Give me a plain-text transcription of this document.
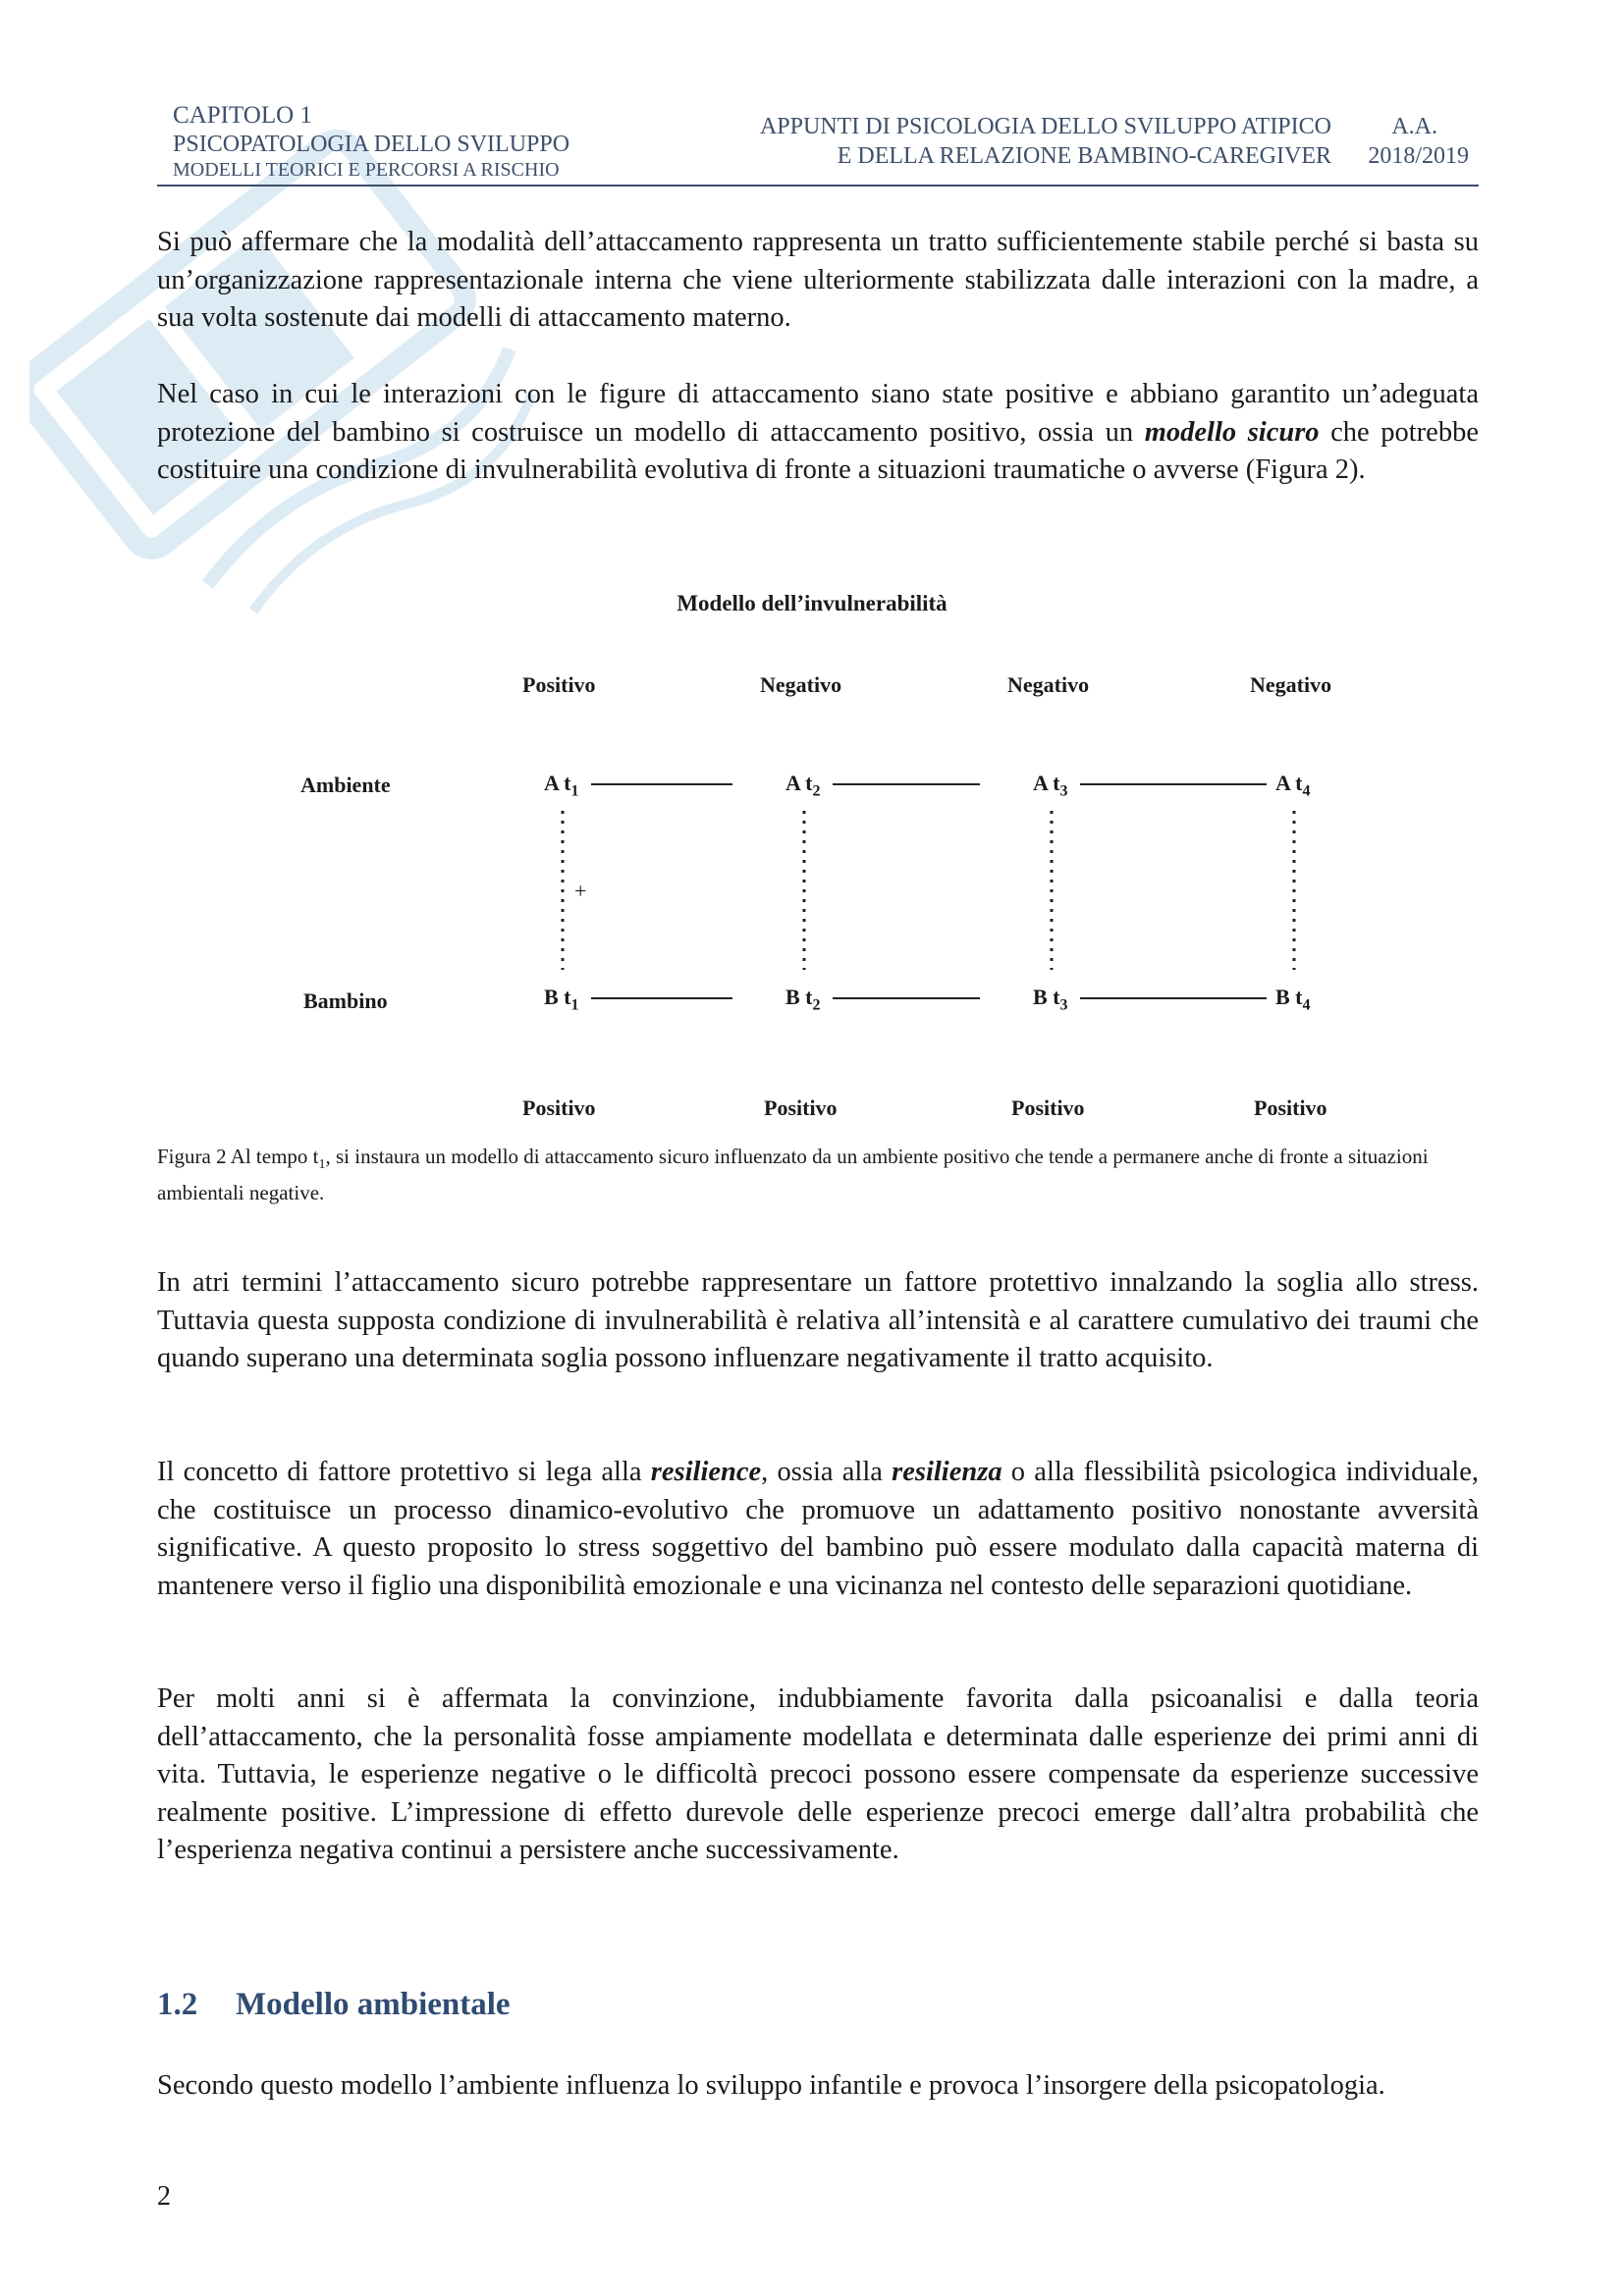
CAPITOLO 1
PSICOPATOLOGIA DELLO SVILUPPO
MODELLI TEORICI E PERCORSI A RISCHIO
APPUNTI DI PSICOLOGIA DELLO SVILUPPO ATIPICO
E DELLA RELAZIONE BAMBINO-CAREGIVER
A.A.
2018/2019

Si può affermare che la modalità dell’attaccamento rappresenta un tratto sufficientemente stabile perché si basta su un’organizzazione rappresentazionale interna che viene ulteriormente stabilizzata dalle interazioni con la madre, a sua volta sostenute dai modelli di attaccamento materno.

Nel caso in cui le interazioni con le figure di attaccamento siano state positive e abbiano garantito un’adeguata protezione del bambino si costruisce un modello di attaccamento positivo, ossia un modello sicuro che potrebbe costituire una condizione di invulnerabilità evolutiva di fronte a situazioni traumatiche o avverse (Figura 2).

Modello dell’invulnerabilità
Positivo	Negativo	Negativo	Negativo
Ambiente
Bambino
A $t_1$	A $t_2$	A $t_3$	A $t_4$
B $t_1$	B $t_2$	B $t_3$	B $t_4$
+
Positivo	Positivo	Positivo	Positivo

Figura 2 Al tempo $t_1$, si instaura un modello di attaccamento sicuro influenzato da un ambiente positivo che tende a permanere anche di fronte a situazioni ambientali negative.

In atri termini l’attaccamento sicuro potrebbe rappresentare un fattore protettivo innalzando la soglia allo stress. Tuttavia questa supposta condizione di invulnerabilità è relativa all’intensità e al carattere cumulativo dei traumi che quando superano una determinata soglia possono influenzare negativamente il tratto acquisito.

Il concetto di fattore protettivo si lega alla resilience, ossia alla resilienza o alla flessibilità psicologica individuale, che costituisce un processo dinamico-evolutivo che promuove un adattamento positivo nonostante avversità significative. A questo proposito lo stress soggettivo del bambino può essere modulato dalla capacità materna di mantenere verso il figlio una disponibilità emozionale e una vicinanza nel contesto delle separazioni quotidiane.

Per molti anni si è affermata la convinzione, indubbiamente favorita dalla psicoanalisi e dalla teoria dell’attaccamento, che la personalità fosse ampiamente modellata e determinata dalle esperienze dei primi anni di vita. Tuttavia, le esperienze negative o le difficoltà precoci possono essere compensate da esperienze successive realmente positive. L’impressione di effetto durevole delle esperienze precoci emerge dall’altra probabilità che l’esperienza negativa continui a persistere anche successivamente.

1.2 Modello ambientale

Secondo questo modello l’ambiente influenza lo sviluppo infantile e provoca l’insorgere della psicopatologia.

2
